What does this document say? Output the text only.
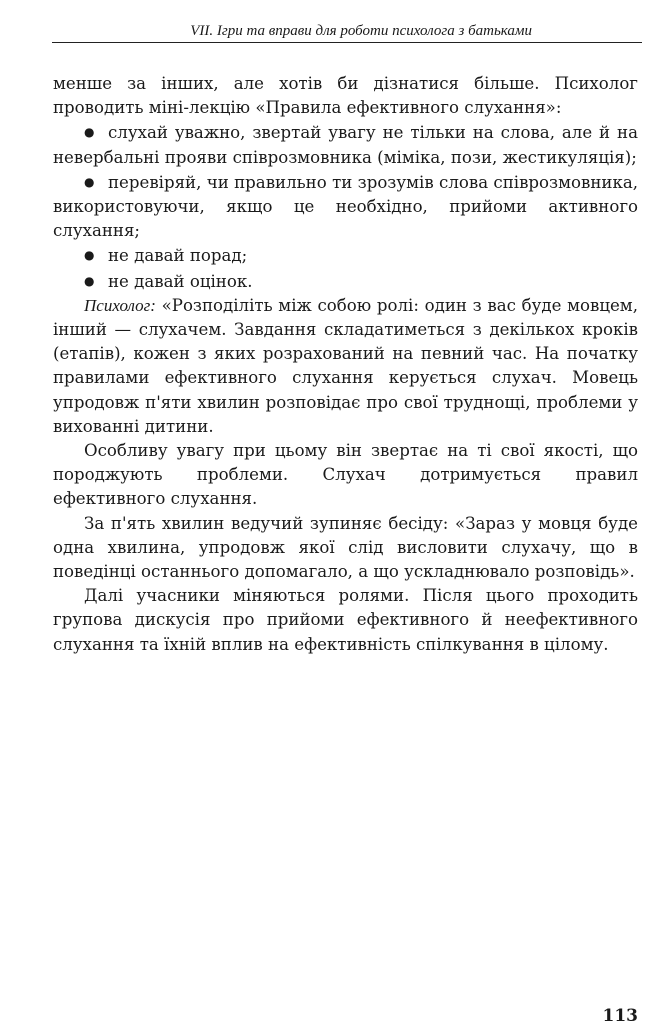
VII. Ігри та вправи для роботи психолога з батьками

менше за інших, але хотів би дізнатися більше. Психолог проводить міні-лекцію «Правила ефективного слухання»:

● слухай уважно, звертай увагу не тільки на слова, але й на невербальні прояви співрозмовника (міміка, пози, жестикуляція);
● перевіряй, чи правильно ти зрозумів слова співрозмовника, використовуючи, якщо це необхідно, прийоми активного слухання;
● не давай порад;
● не давай оцінок.

Психолог: «Розподіліть між собою ролі: один з вас буде мовцем, інший — слухачем. Завдання складатиметься з декількох кроків (етапів), кожен з яких розрахований на певний час. На початку правилами ефективного слухання керується слухач. Мовець упродовж п'яти хвилин розповідає про свої труднощі, проблеми у вихованні дитини.

Особливу увагу при цьому він звертає на ті свої якості, що породжують проблеми. Слухач дотримується правил ефективного слухання.

За п'ять хвилин ведучий зупиняє бесіду: «Зараз у мовця буде одна хвилина, упродовж якої слід висловити слухачу, що в поведінці останнього допомагало, а що ускладнювало розповідь».

Далі учасники міняються ролями. Після цього проходить групова дискусія про прийоми ефективного й неефективного слухання та їхній вплив на ефективність спілкування в цілому.

113
